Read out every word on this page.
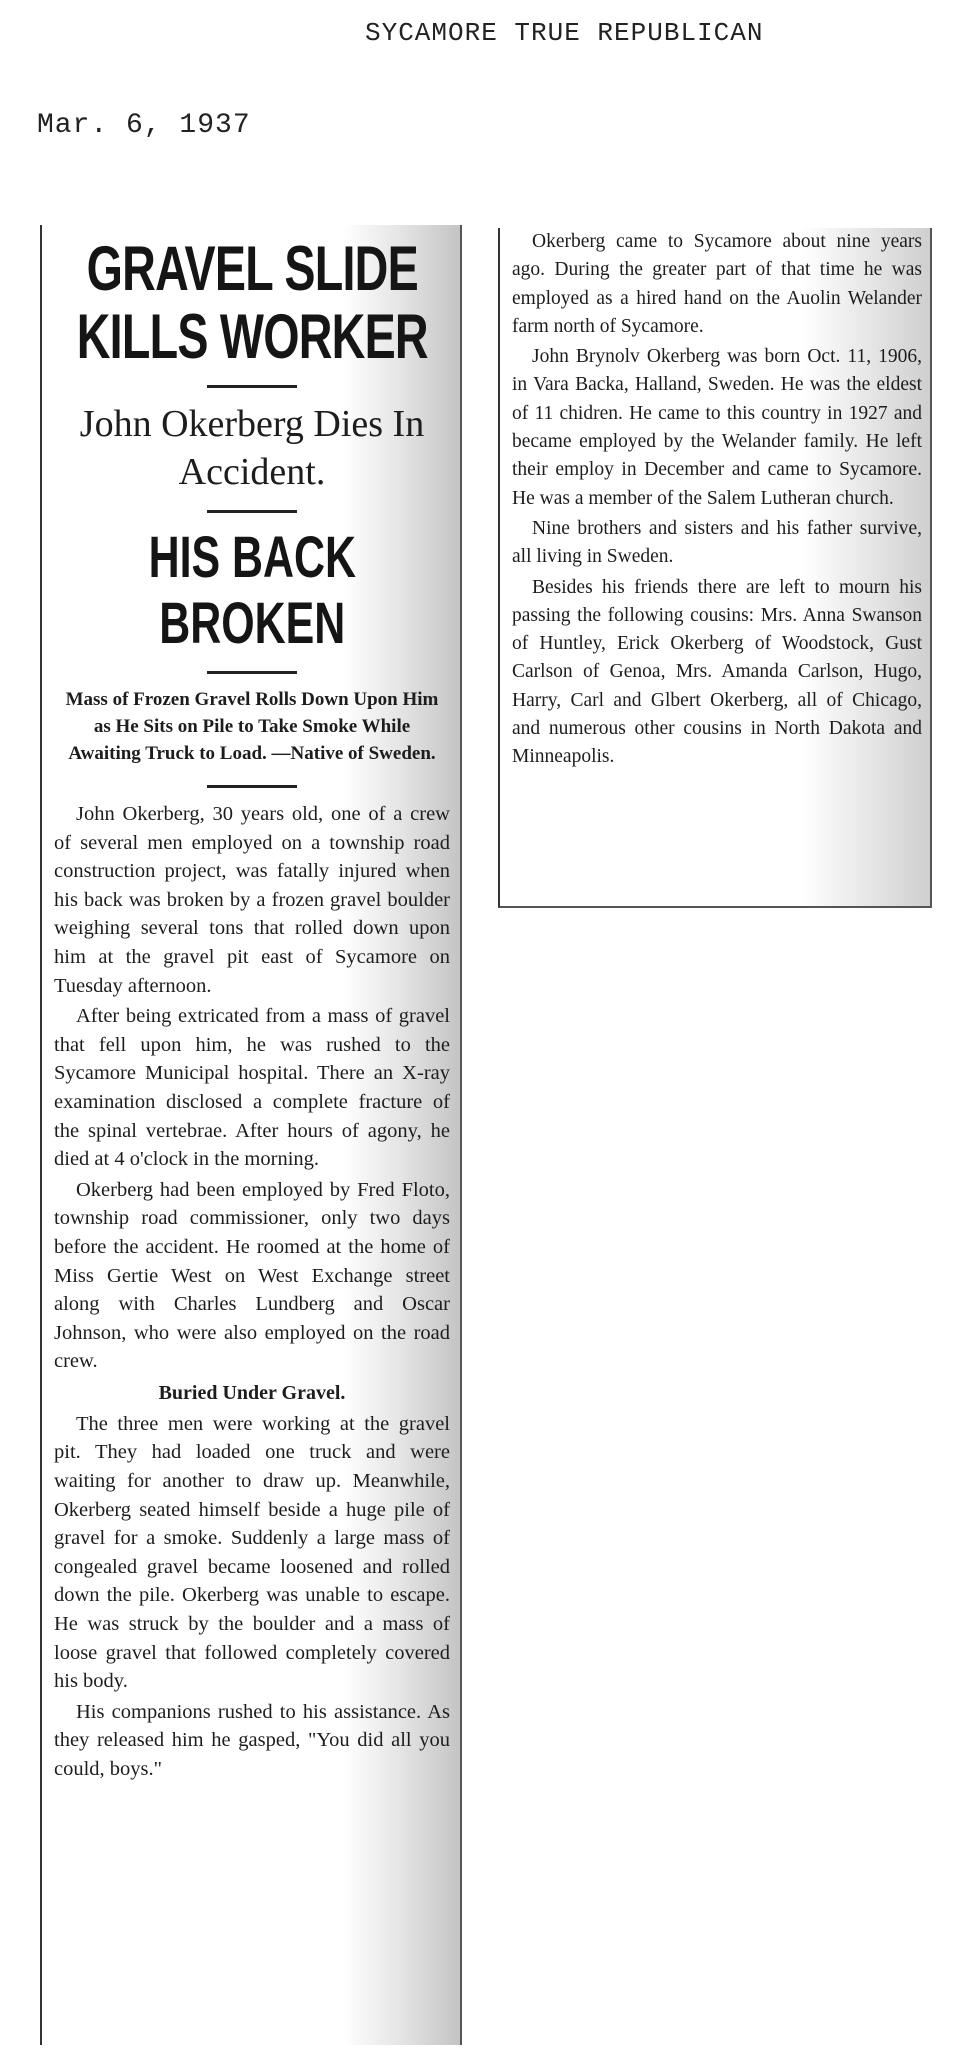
SYCAMORE TRUE REPUBLICAN
Mar. 6, 1937
GRAVEL SLIDE KILLS WORKER
John Okerberg Dies In Accident.
HIS BACK BROKEN
Mass of Frozen Gravel Rolls Down Upon Him as He Sits on Pile to Take Smoke While Awaiting Truck to Load. —Native of Sweden.

John Okerberg, 30 years old, one of a crew of several men employed on a township road construction project, was fatally injured when his back was broken by a frozen gravel boulder weighing several tons that rolled down upon him at the gravel pit east of Sycamore on Tuesday afternoon.

After being extricated from a mass of gravel that fell upon him, he was rushed to the Sycamore Municipal hospital. There an X-ray examination disclosed a complete fracture of the spinal vertebrae. After hours of agony, he died at 4 o'clock in the morning.

Okerberg had been employed by Fred Floto, township road commissioner, only two days before the accident. He roomed at the home of Miss Gertie West on West Exchange street along with Charles Lundberg and Oscar Johnson, who were also employed on the road crew.

Buried Under Gravel.

The three men were working at the gravel pit. They had loaded one truck and were waiting for another to draw up. Meanwhile, Okerberg seated himself beside a huge pile of gravel for a smoke. Suddenly a large mass of congealed gravel became loosened and rolled down the pile. Okerberg was unable to escape. He was struck by the boulder and a mass of loose gravel that followed completely covered his body.

His companions rushed to his assistance. As they released him he gasped, "You did all you could, boys."

Okerberg came to Sycamore about nine years ago. During the greater part of that time he was employed as a hired hand on the Auolin Welander farm north of Sycamore.

John Brynolv Okerberg was born Oct. 11, 1906, in Vara Backa, Halland, Sweden. He was the eldest of 11 chidren. He came to this country in 1927 and became employed by the Welander family. He left their employ in December and came to Sycamore. He was a member of the Salem Lutheran church.

Nine brothers and sisters and his father survive, all living in Sweden.

Besides his friends there are left to mourn his passing the following cousins: Mrs. Anna Swanson of Huntley, Erick Okerberg of Woodstock, Gust Carlson of Genoa, Mrs. Amanda Carlson, Hugo, Harry, Carl and Glbert Okerberg, all of Chicago, and numerous other cousins in North Dakota and Minneapolis.
